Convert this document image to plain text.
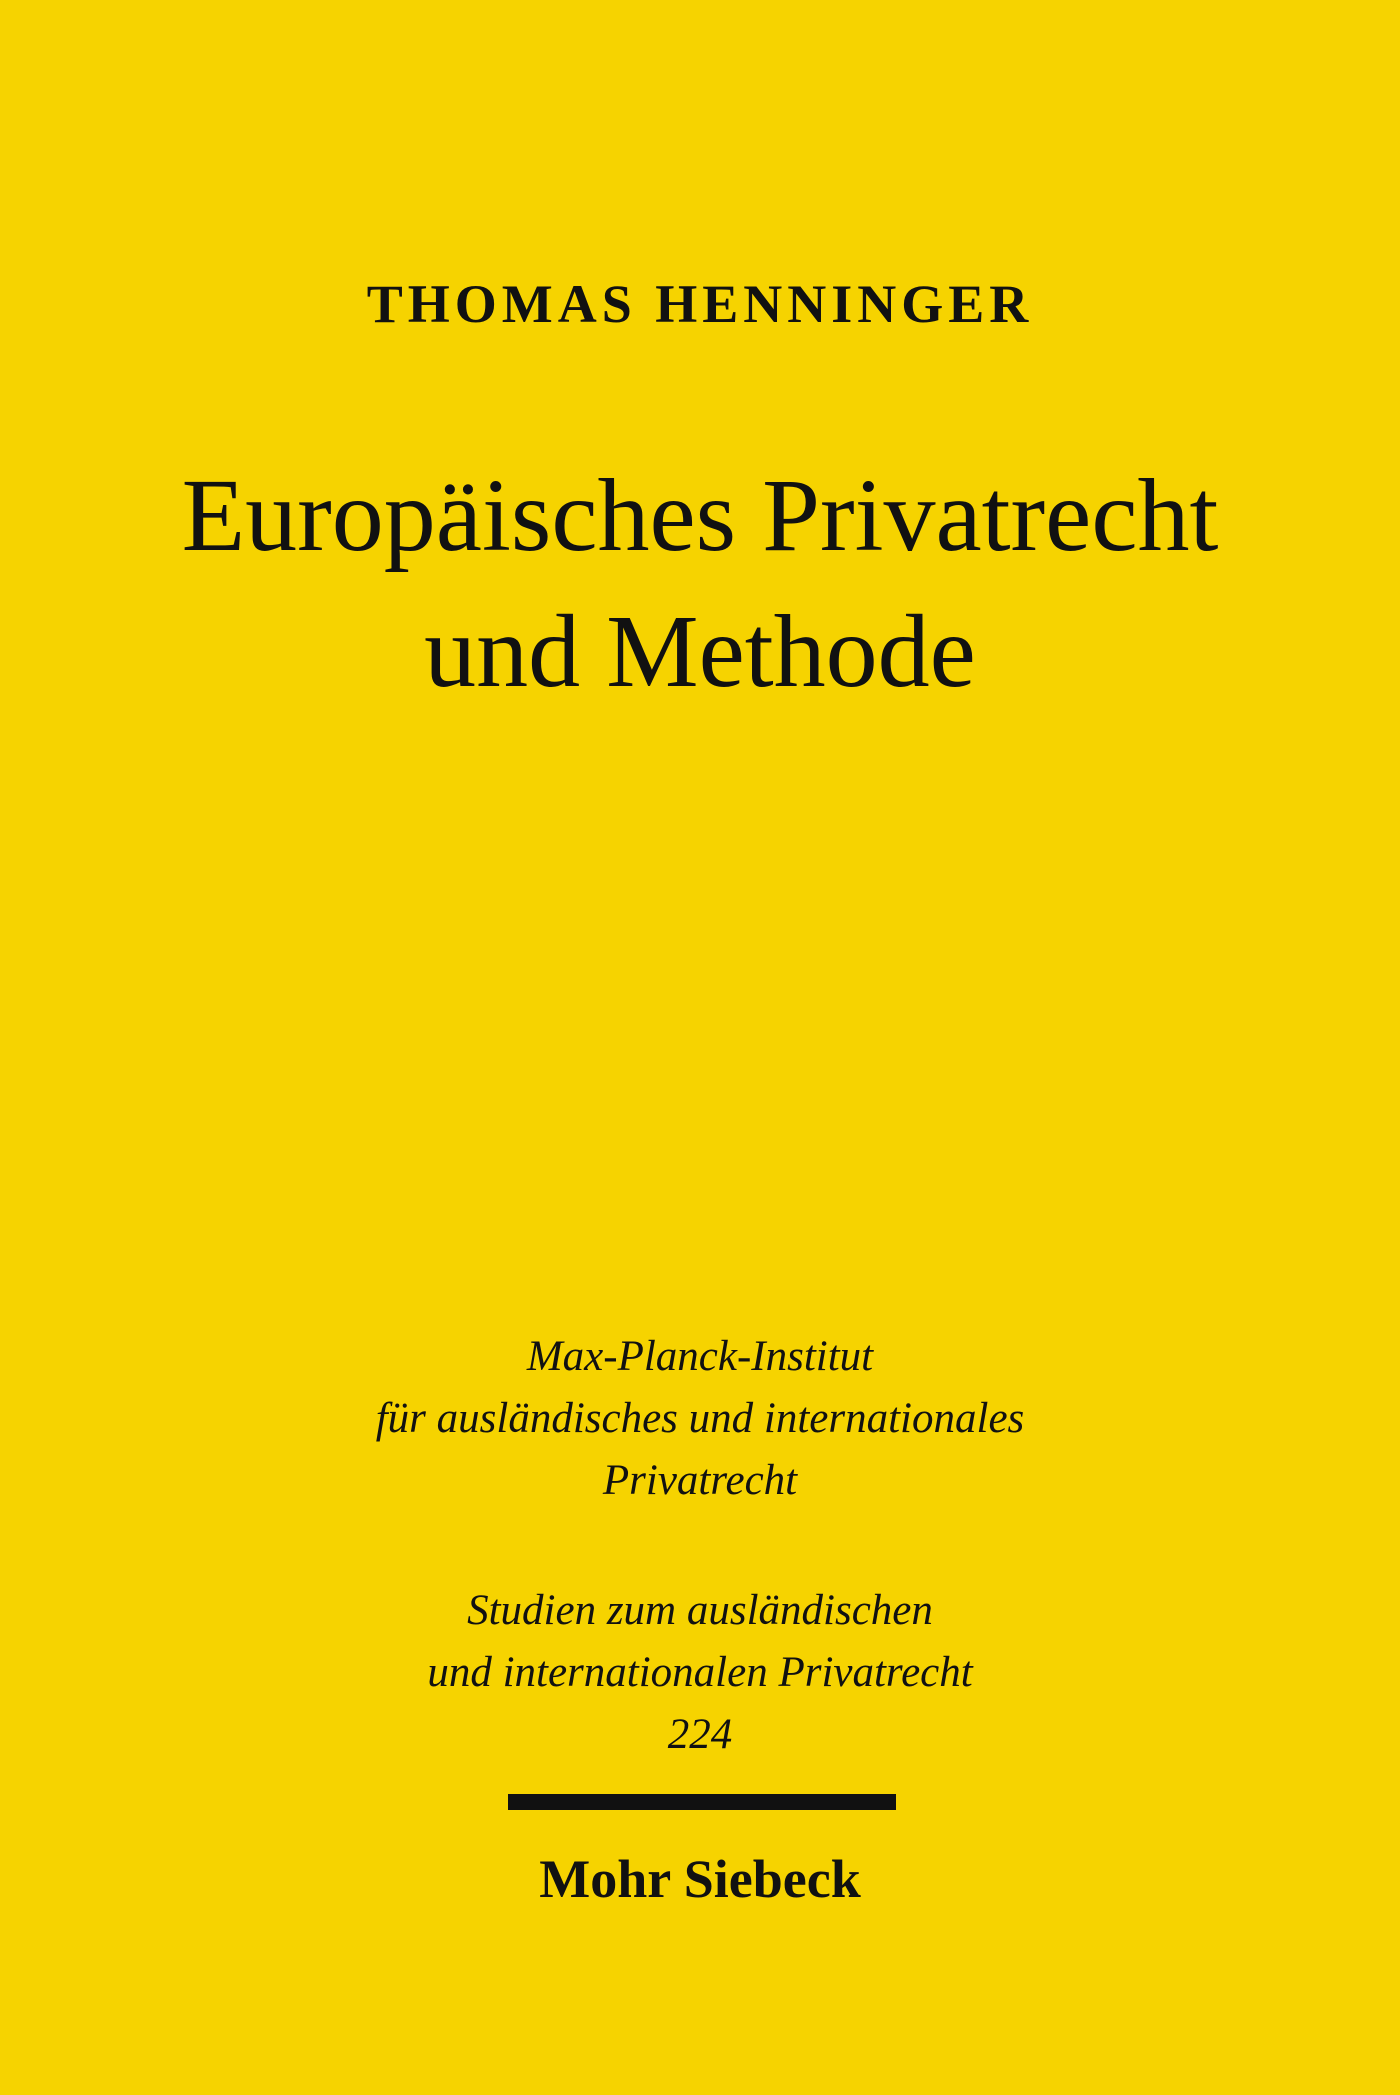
THOMAS HENNINGER
Europäisches Privatrecht
und Methode
Max-Planck-Institut
für ausländisches und internationales
Privatrecht
Studien zum ausländischen
und internationalen Privatrecht
224
Mohr Siebeck
